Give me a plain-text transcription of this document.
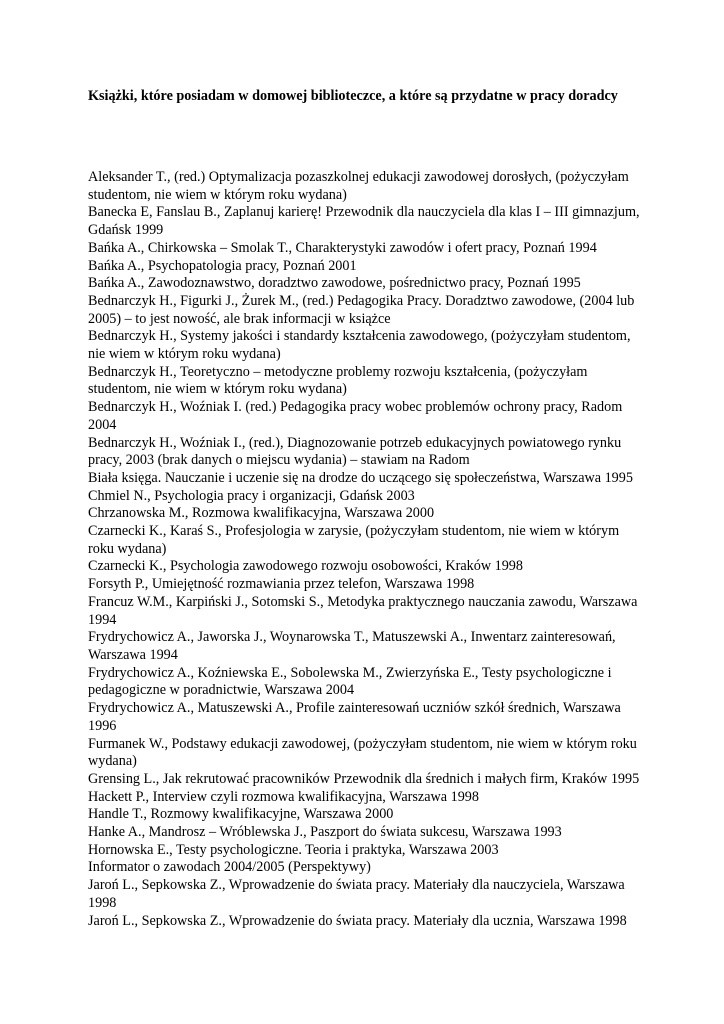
Książki, które posiadam w domowej biblioteczce, a które są przydatne w pracy doradcy
Aleksander T., (red.) Optymalizacja pozaszkolnej edukacji zawodowej dorosłych, (pożyczyłam studentom, nie wiem w którym roku wydana)
Banecka E, Fanslau B., Zaplanuj karierę! Przewodnik dla nauczyciela dla klas I – III gimnazjum, Gdańsk 1999
Bańka A., Chirkowska – Smolak T., Charakterystyki zawodów i ofert pracy, Poznań 1994
Bańka A., Psychopatologia pracy, Poznań 2001
Bańka A., Zawodoznawstwo, doradztwo zawodowe, pośrednictwo pracy, Poznań 1995
Bednarczyk H., Figurki J., Żurek M., (red.) Pedagogika Pracy. Doradztwo zawodowe, (2004 lub 2005) – to jest nowość, ale brak informacji w książce
Bednarczyk H., Systemy jakości i standardy kształcenia zawodowego, (pożyczyłam studentom, nie wiem w którym roku wydana)
Bednarczyk H., Teoretyczno – metodyczne problemy rozwoju kształcenia, (pożyczyłam studentom, nie wiem w którym roku wydana)
Bednarczyk H., Woźniak I. (red.) Pedagogika pracy wobec problemów ochrony pracy, Radom 2004
Bednarczyk H., Woźniak I., (red.), Diagnozowanie potrzeb edukacyjnych powiatowego rynku pracy, 2003 (brak danych o miejscu wydania) – stawiam na Radom
Biała księga. Nauczanie i uczenie się na drodze do uczącego się społeczeństwa, Warszawa 1995
Chmiel N., Psychologia pracy i organizacji, Gdańsk 2003
Chrzanowska M., Rozmowa kwalifikacyjna, Warszawa 2000
Czarnecki K., Karaś S., Profesjologia w zarysie, (pożyczyłam studentom, nie wiem w którym roku wydana)
Czarnecki K., Psychologia zawodowego rozwoju osobowości, Kraków 1998
Forsyth P., Umiejętność rozmawiania przez telefon, Warszawa 1998
Francuz W.M., Karpiński J., Sotomski S., Metodyka praktycznego nauczania zawodu, Warszawa 1994
Frydrychowicz A., Jaworska J., Woynarowska T., Matuszewski A., Inwentarz zainteresowań, Warszawa 1994
Frydrychowicz A., Koźniewska E., Sobolewska M., Zwierzyńska E., Testy psychologiczne i pedagogiczne w poradnictwie, Warszawa 2004
Frydrychowicz A., Matuszewski A., Profile zainteresowań uczniów szkół średnich, Warszawa 1996
Furmanek W., Podstawy edukacji zawodowej, (pożyczyłam studentom, nie wiem w którym roku wydana)
Grensing L., Jak rekrutować pracowników Przewodnik dla średnich i małych firm, Kraków 1995
Hackett P., Interview czyli rozmowa kwalifikacyjna, Warszawa 1998
Handle T., Rozmowy kwalifikacyjne, Warszawa 2000
Hanke A., Mandrosz – Wróblewska J., Paszport do świata sukcesu, Warszawa 1993
Hornowska E., Testy psychologiczne. Teoria i praktyka, Warszawa 2003
Informator o zawodach 2004/2005 (Perspektywy)
Jaroń L., Sepkowska Z., Wprowadzenie do świata pracy. Materiały dla nauczyciela, Warszawa 1998
Jaroń L., Sepkowska Z., Wprowadzenie do świata pracy. Materiały dla ucznia, Warszawa 1998
